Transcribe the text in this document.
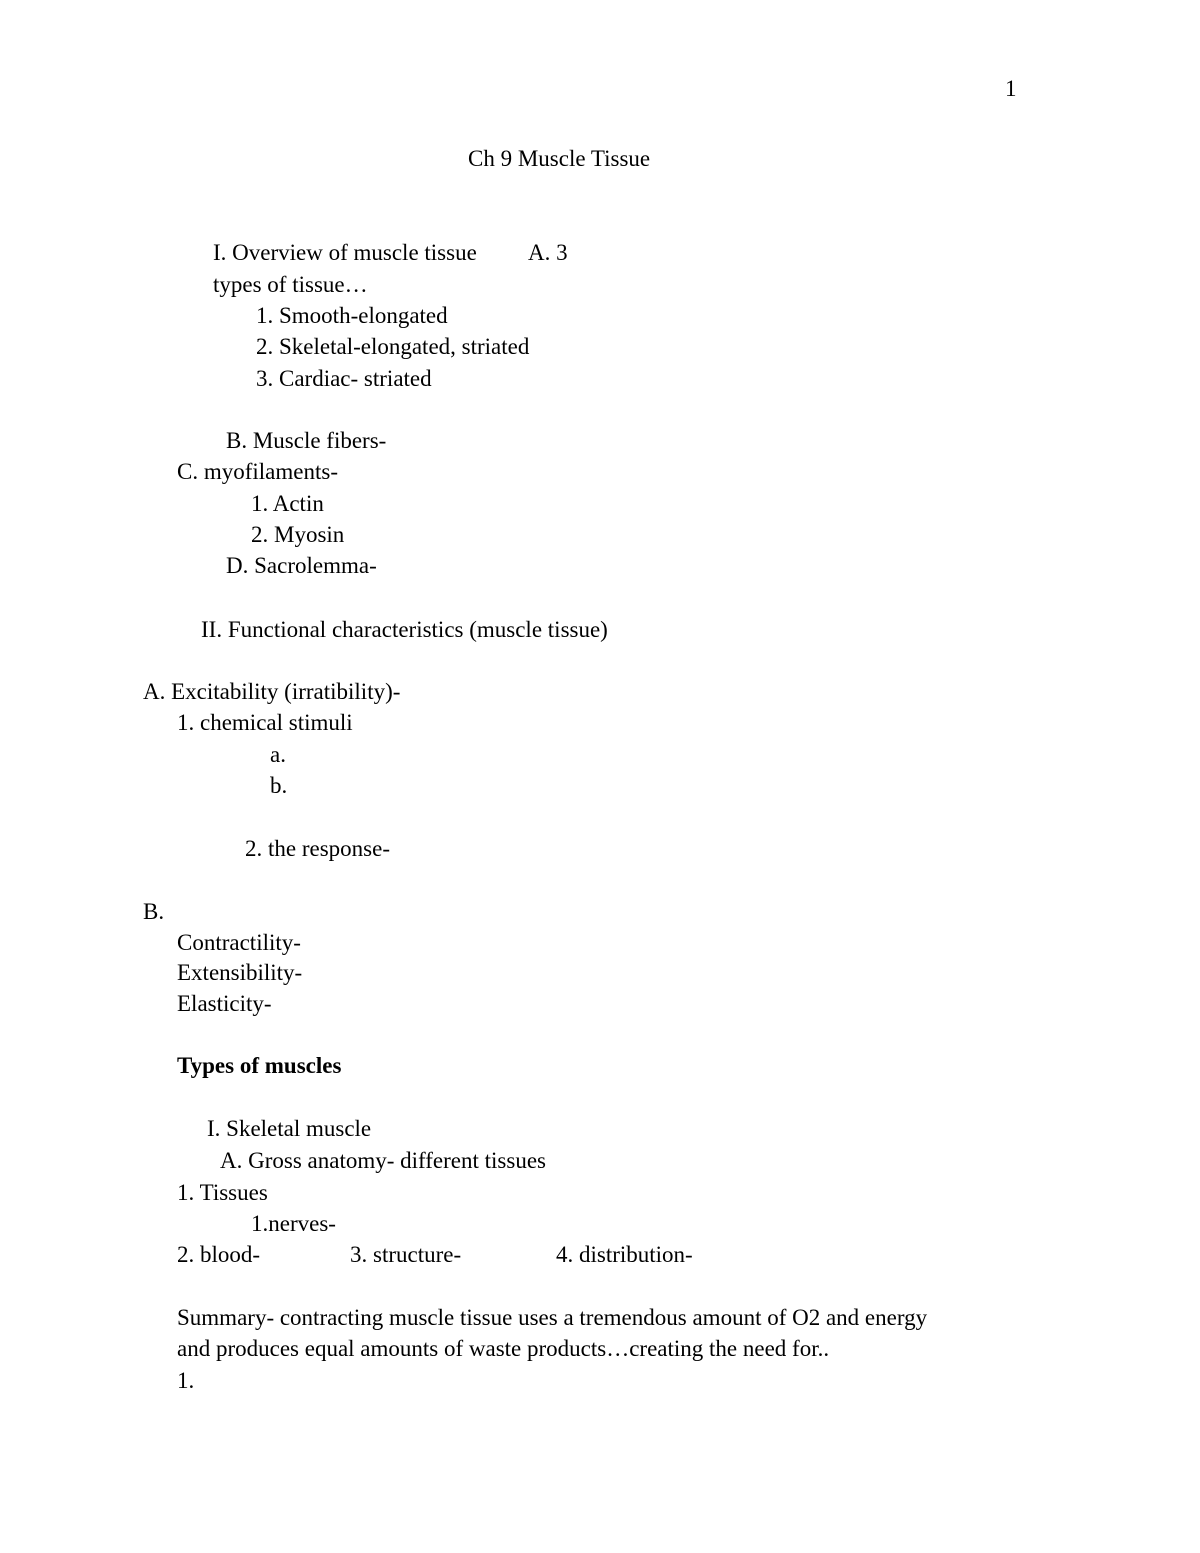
1
Ch 9 Muscle Tissue
I. Overview of muscle tissue A. 3
types of tissue…
1. Smooth-elongated
2. Skeletal-elongated, striated
3. Cardiac- striated
B. Muscle fibers-
C. myofilaments-
1. Actin
2. Myosin
D. Sacrolemma-
II. Functional characteristics (muscle tissue)
A. Excitability (irratibility)-
1. chemical stimuli
a.
b.
2. the response-
B.
Contractility-
Extensibility-
Elasticity-
Types of muscles
I. Skeletal muscle
A. Gross anatomy- different tissues
1. Tissues
1.nerves-
2. blood-	3. structure-	4. distribution-
Summary- contracting muscle tissue uses a tremendous amount of O2 and energy
and produces equal amounts of waste products…creating the need for..
1.
